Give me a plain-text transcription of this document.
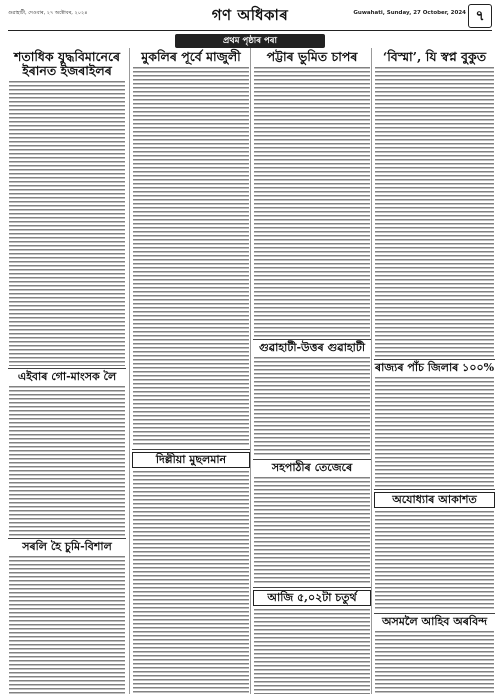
গুৱাহাটী, দেওবাৰ, ২৭ অক্টোবৰ, ২০২৪	গণ অধিকাৰ	Guwahati, Sunday, 27 October, 2024 ৭
প্ৰথম পৃষ্ঠাৰ পৰা
শতাধিক যুদ্ধবিমানেৰে ইৰানত ইজৰাইলৰ
এইবাৰ গো-মাংসক লৈ
সৰলি হৈ চুমি-বিশাল
মুকলিৰ পূৰ্বে মাজুলী
দিল্লীয়া মুছলমান
পট্টাৰ ভুমিত চাপৰ
গুৱাহাটী-উত্তৰ গুৱাহাটী
সহপাঠীৰ তেজেৰে
আজি ৫,০২টা চতুৰ্থ
‘বিস্মা’, যি স্বপ্ন বুকুত
ৰাজ্যৰ পাঁচ জিলাৰ ১০০%
অযোধ্যাৰ আকাশত
অসমলৈ আহিব অৰবিন্দ
